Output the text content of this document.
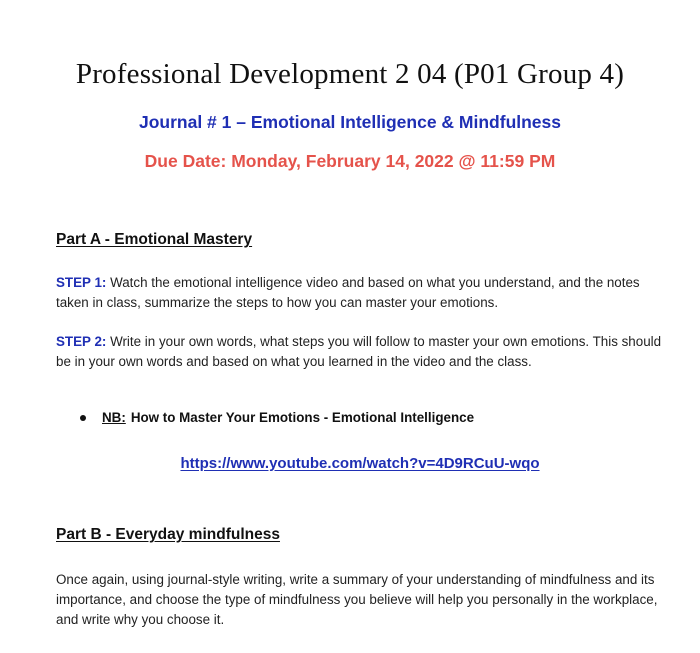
Professional Development 2 04 (P01 Group 4)
Journal # 1 – Emotional Intelligence & Mindfulness
Due Date: Monday, February 14, 2022 @ 11:59 PM
Part A - Emotional Mastery
STEP 1: Watch the emotional intelligence video and based on what you understand, and the notes taken in class, summarize the steps to how you can master your emotions.
STEP 2: Write in your own words, what steps you will follow to master your own emotions. This should be in your own words and based on what you learned in the video and the class.
NB: How to Master Your Emotions - Emotional Intelligence
https://www.youtube.com/watch?v=4D9RCuU-wqo
Part B - Everyday mindfulness
Once again, using journal-style writing, write a summary of your understanding of mindfulness and its importance, and choose the type of mindfulness you believe will help you personally in the workplace, and write why you choose it.
